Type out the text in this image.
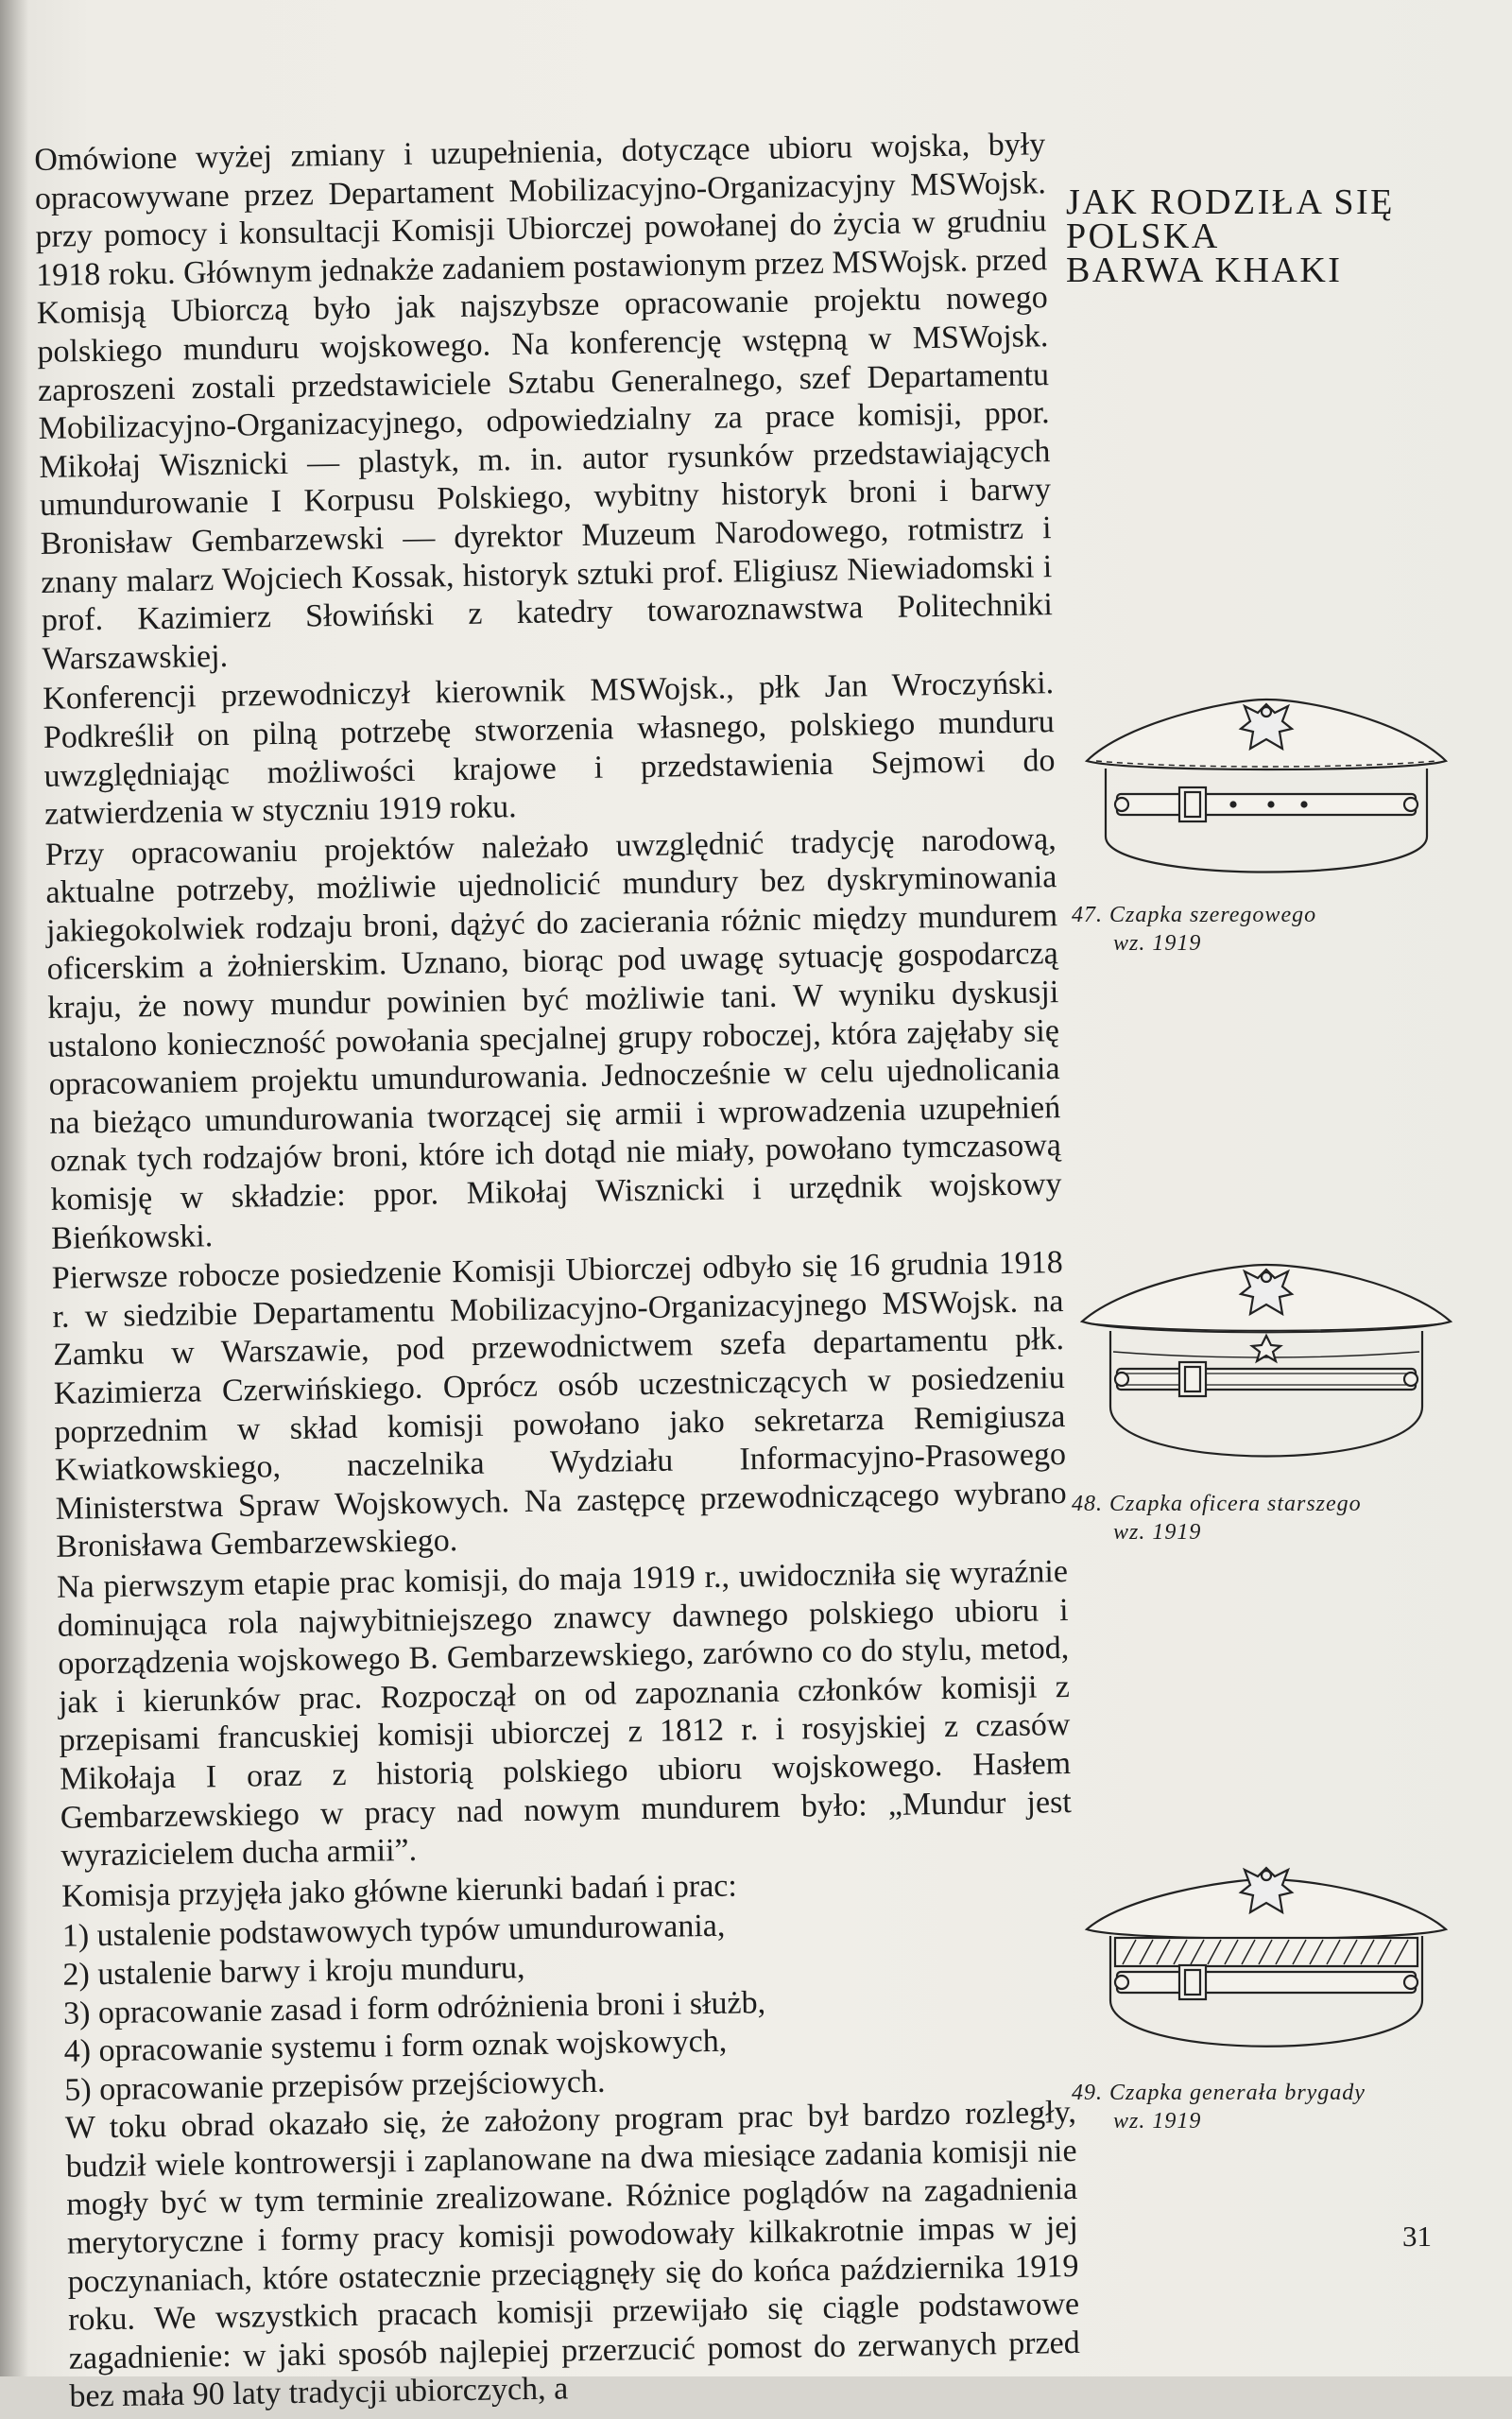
Omówione wyżej zmiany i uzupełnienia, dotyczące ubioru wojska, były opracowywane przez Departament Mobilizacyjno-Organizacyjny MSWojsk. przy pomocy i konsultacji Komisji Ubiorczej powołanej do życia w grudniu 1918 roku. Głównym jednakże zadaniem postawionym przez MSWojsk. przed Komisją Ubiorczą było jak najszybsze opracowanie projektu nowego polskiego munduru wojskowego. Na konferencję wstępną w MSWojsk. zaproszeni zostali przedstawiciele Sztabu Generalnego, szef Departamentu Mobilizacyjno-Organizacyjnego, odpowiedzialny za prace komisji, ppor. Mikołaj Wisznicki — plastyk, m. in. autor rysunków przedstawiających umundurowanie I Korpusu Polskiego, wybitny historyk broni i barwy Bronisław Gembarzewski — dyrektor Muzeum Narodowego, rotmistrz i znany malarz Wojciech Kossak, historyk sztuki prof. Eligiusz Niewiadomski i prof. Kazimierz Słowiński z katedry towaroznawstwa Politechniki Warszawskiej.

Konferencji przewodniczył kierownik MSWojsk., płk Jan Wroczyński. Podkreślił on pilną potrzebę stworzenia własnego, polskiego munduru uwzględniając możliwości krajowe i przedstawienia Sejmowi do zatwierdzenia w styczniu 1919 roku.

Przy opracowaniu projektów należało uwzględnić tradycję narodową, aktualne potrzeby, możliwie ujednolicić mundury bez dyskryminowania jakiegokolwiek rodzaju broni, dążyć do zacierania różnic między mundurem oficerskim a żołnierskim. Uznano, biorąc pod uwagę sytuację gospodarczą kraju, że nowy mundur powinien być możliwie tani. W wyniku dyskusji ustalono konieczność powołania specjalnej grupy roboczej, która zajęłaby się opracowaniem projektu umundurowania. Jednocześnie w celu ujednolicania na bieżąco umundurowania tworzącej się armii i wprowadzenia uzupełnień oznak tych rodzajów broni, które ich dotąd nie miały, powołano tymczasową komisję w składzie: ppor. Mikołaj Wisznicki i urzędnik wojskowy Bieńkowski.

Pierwsze robocze posiedzenie Komisji Ubiorczej odbyło się 16 grudnia 1918 r. w siedzibie Departamentu Mobilizacyjno-Organizacyjnego MSWojsk. na Zamku w Warszawie, pod przewodnictwem szefa departamentu płk. Kazimierza Czerwińskiego. Oprócz osób uczestniczących w posiedzeniu poprzednim w skład komisji powołano jako sekretarza Remigiusza Kwiatkowskiego, naczelnika Wydziału Informacyjno-Prasowego Ministerstwa Spraw Wojskowych. Na zastępcę przewodniczącego wybrano Bronisława Gembarzewskiego.

Na pierwszym etapie prac komisji, do maja 1919 r., uwidoczniła się wyraźnie dominująca rola najwybitniejszego znawcy dawnego polskiego ubioru i oporządzenia wojskowego B. Gembarzewskiego, zarówno co do stylu, metod, jak i kierunków prac. Rozpoczął on od zapoznania członków komisji z przepisami francuskiej komisji ubiorczej z 1812 r. i rosyjskiej z czasów Mikołaja I oraz z historią polskiego ubioru wojskowego. Hasłem Gembarzewskiego w pracy nad nowym mundurem było: „Mundur jest wyrazicielem ducha armii”.

Komisja przyjęła jako główne kierunki badań i prac:

1) ustalenie podstawowych typów umundurowania,
2) ustalenie barwy i kroju munduru,
3) opracowanie zasad i form odróżnienia broni i służb,
4) opracowanie systemu i form oznak wojskowych,
5) opracowanie przepisów przejściowych.

W toku obrad okazało się, że założony program prac był bardzo rozległy, budził wiele kontrowersji i zaplanowane na dwa miesiące zadania komisji nie mogły być w tym terminie zrealizowane. Różnice poglądów na zagadnienia merytoryczne i formy pracy komisji powodowały kilkakrotnie impas w jej poczynaniach, które ostatecznie przeciągnęły się do końca października 1919 roku. We wszystkich pracach komisji przewijało się ciągle podstawowe zagadnienie: w jaki sposób najlepiej przerzucić pomost do zerwanych przed bez mała 90 laty tradycji ubiorczych, a

JAK RODZIŁA SIĘ
POLSKA
BARWA KHAKI
47. Czapka szeregowego
wz. 1919
48. Czapka oficera starszego
wz. 1919
49. Czapka generała brygady
wz. 1919
31
